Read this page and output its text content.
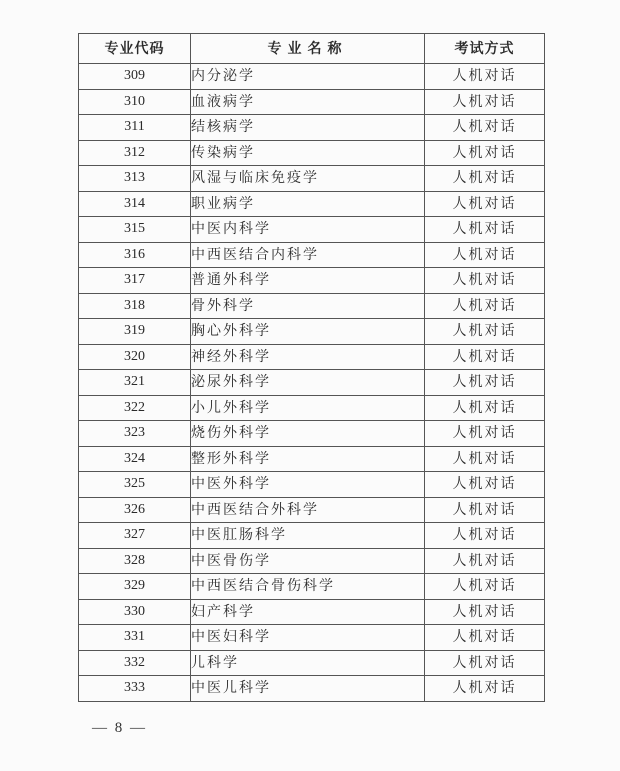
专业代码	专业名称	考试方式
309	内分泌学	人机对话
310	血液病学	人机对话
311	结核病学	人机对话
312	传染病学	人机对话
313	风湿与临床免疫学	人机对话
314	职业病学	人机对话
315	中医内科学	人机对话
316	中西医结合内科学	人机对话
317	普通外科学	人机对话
318	骨外科学	人机对话
319	胸心外科学	人机对话
320	神经外科学	人机对话
321	泌尿外科学	人机对话
322	小儿外科学	人机对话
323	烧伤外科学	人机对话
324	整形外科学	人机对话
325	中医外科学	人机对话
326	中西医结合外科学	人机对话
327	中医肛肠科学	人机对话
328	中医骨伤学	人机对话
329	中西医结合骨伤科学	人机对话
330	妇产科学	人机对话
331	中医妇科学	人机对话
332	儿科学	人机对话
333	中医儿科学	人机对话
— 8 —
